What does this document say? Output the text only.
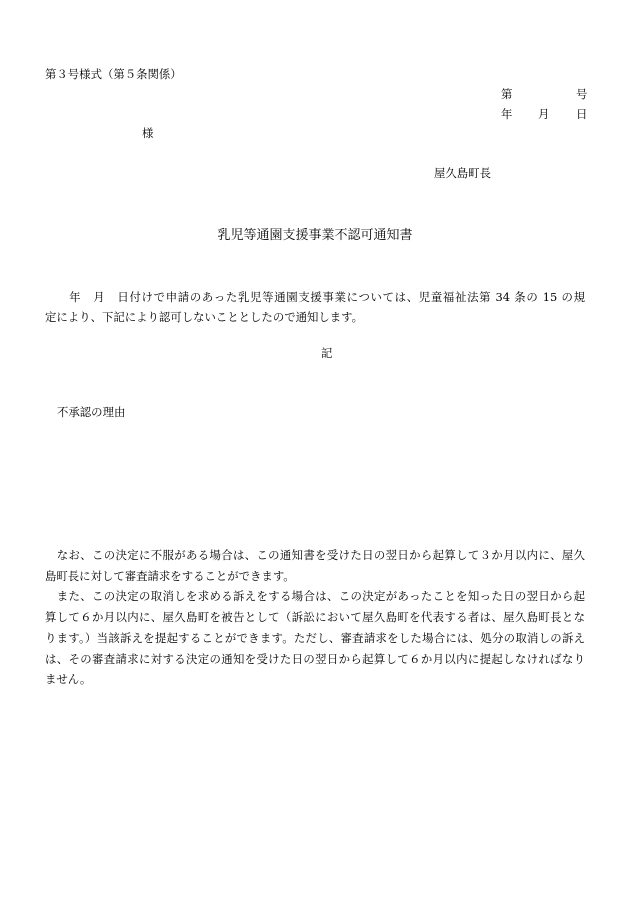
第３号様式（第５条関係）
第	号
年 月 日
様
屋久島町長
乳児等通園支援事業不認可通知書
　　年　月　日付けで申請のあった乳児等通園支援事業については、児童福祉法第 34 条の 15 の規
定により、下記により認可しないこととしたので通知します。
記
不承認の理由
　なお、この決定に不服がある場合は、この通知書を受けた日の翌日から起算して３か月以内に、屋久
島町長に対して審査請求をすることができます。
　また、この決定の取消しを求める訴えをする場合は、この決定があったことを知った日の翌日から起
算して６か月以内に、屋久島町を被告として（訴訟において屋久島町を代表する者は、屋久島町長とな
ります。）当該訴えを提起することができます。ただし、審査請求をした場合には、処分の取消しの訴え
は、その審査請求に対する決定の通知を受けた日の翌日から起算して６か月以内に提起しなければなり
ません。
